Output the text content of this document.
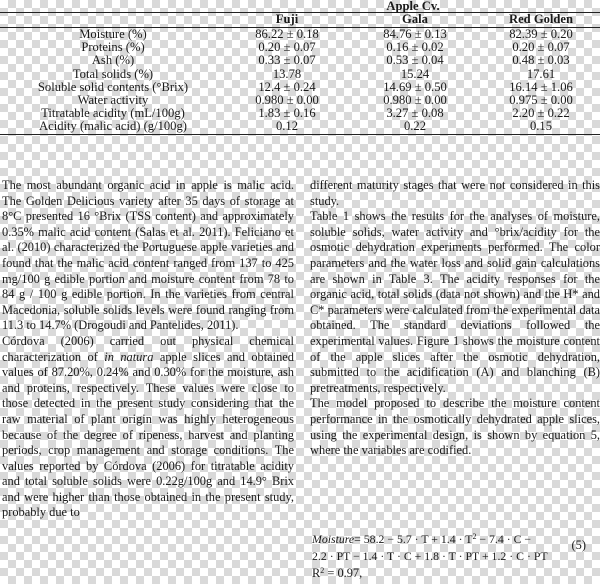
	Apple Cv.		
	Fuji	Gala	Red Golden
Moisture (%)	86.22 ± 0.18	84.76 ± 0.13	82.39 ± 0.20
Proteins (%)	0.20 ± 0.07	0.16 ± 0.02	0.20 ± 0.07
Ash (%)	0.33 ± 0.07	0.53 ± 0.04	0.48 ± 0.03
Total solids (%)	13.78	15.24	17.61
Soluble solid contents (°Brix)	12.4 ± 0.24	14.69 ± 0.50	16.14 ± 1.06
Water activity	0.980 ± 0.00	0.980 ± 0.00	0.975 ± 0.00
Titratable acidity (mL/100g)	1.83 ± 0.16	3.27 ± 0.08	2.20 ± 0.22
Acidity (malic acid) (g/100g)	0.12	0.22	0.15

The most abundant organic acid in apple is malic acid. The Golden Delicious variety after 35 days of storage at 8°C presented 16 °Brix (TSS content) and approximately 0.35% malic acid content (Salas et al. 2011). Feliciano et al. (2010) characterized the Portuguese apple varieties and found that the malic acid content ranged from 137 to 425 mg/100 g edible portion and moisture content from 78 to 84 g / 100 g edible portion. In the varieties from central Macedonia, soluble solids levels were found ranging from 11.3 to 14.7% (Drogoudi and Pantelides, 2011).

Córdova (2006) carried out physical chemical characterization of in natura apple slices and obtained values of 87.20%, 0.24% and 0.30% for the moisture, ash and proteins, respectively. These values were close to those detected in the present study considering that the raw material of plant origin was highly heterogeneous because of the degree of ripeness, harvest and planting periods, crop management and storage conditions. The values reported by Córdova (2006) for titratable acidity and total soluble solids were 0.22g/100g and 14.9° Brix and were higher than those obtained in the present study, probably due to

different maturity stages that were not considered in this study.

Table 1 shows the results for the analyses of moisture, soluble solids, water activity and °brix/acidity for the osmotic dehydration experiments performed. The color parameters and the water loss and solid gain calculations are shown in Table 3. The acidity responses for the organic acid, total solids (data not shown) and the H* and C* parameters were calculated from the experimental data obtained. The standard deviations followed the experimental values. Figure 1 shows the moisture content of the apple slices after the osmotic dehydration, submitted to the acidification (A) and blanching (B) pretreatments, respectively.

The model proposed to describe the moisture content performance in the osmotically dehydrated apple slices, using the experimental design, is shown by equation 5, where the variables are codified.

Moisture= $58.2 - 5.7 \cdot T + 1.4 \cdot T^2 - 7.4 \cdot C$ −	(5)
2.2 · PT − 1.4 · T · C + 1.8 · T · PT + 1.2 · C · PT
$R^2 = 0.97$,
